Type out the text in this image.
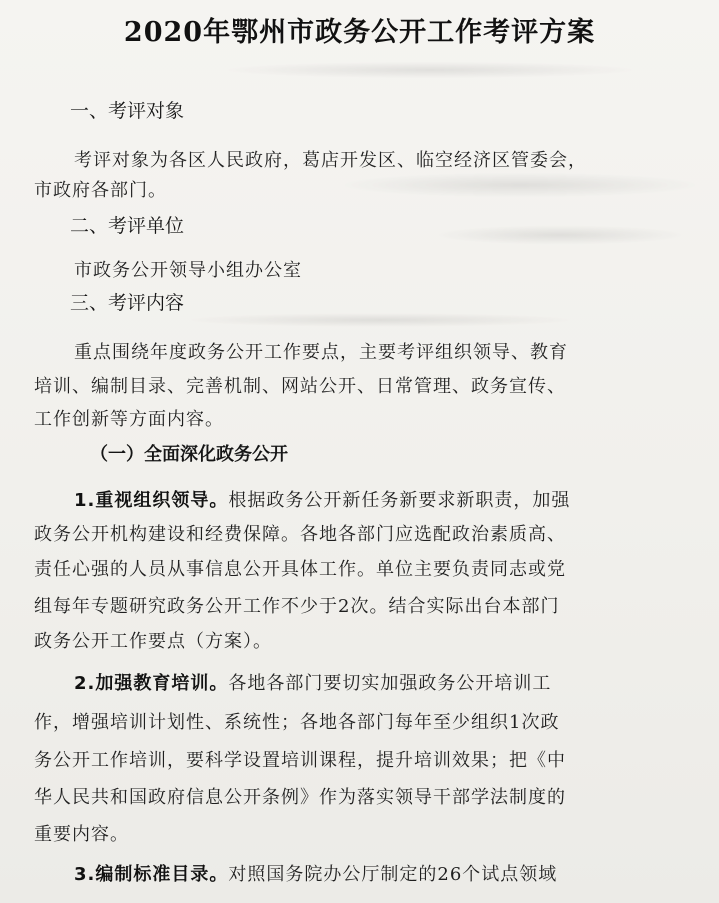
2020年鄂州市政务公开工作考评方案
一、考评对象
考评对象为各区人民政府，葛店开发区、临空经济区管委会，
市政府各部门。
二、考评单位
市政务公开领导小组办公室
三、考评内容
重点围绕年度政务公开工作要点，主要考评组织领导、教育
培训、编制目录、完善机制、网站公开、日常管理、政务宣传、
工作创新等方面内容。
（一）全面深化政务公开
1.重视组织领导。根据政务公开新任务新要求新职责，加强
政务公开机构建设和经费保障。各地各部门应选配政治素质高、
责任心强的人员从事信息公开具体工作。单位主要负责同志或党
组每年专题研究政务公开工作不少于2次。结合实际出台本部门
政务公开工作要点（方案）。
2.加强教育培训。各地各部门要切实加强政务公开培训工
作，增强培训计划性、系统性；各地各部门每年至少组织1次政
务公开工作培训，要科学设置培训课程，提升培训效果；把《中
华人民共和国政府信息公开条例》作为落实领导干部学法制度的
重要内容。
3.编制标准目录。对照国务院办公厅制定的26个试点领域
